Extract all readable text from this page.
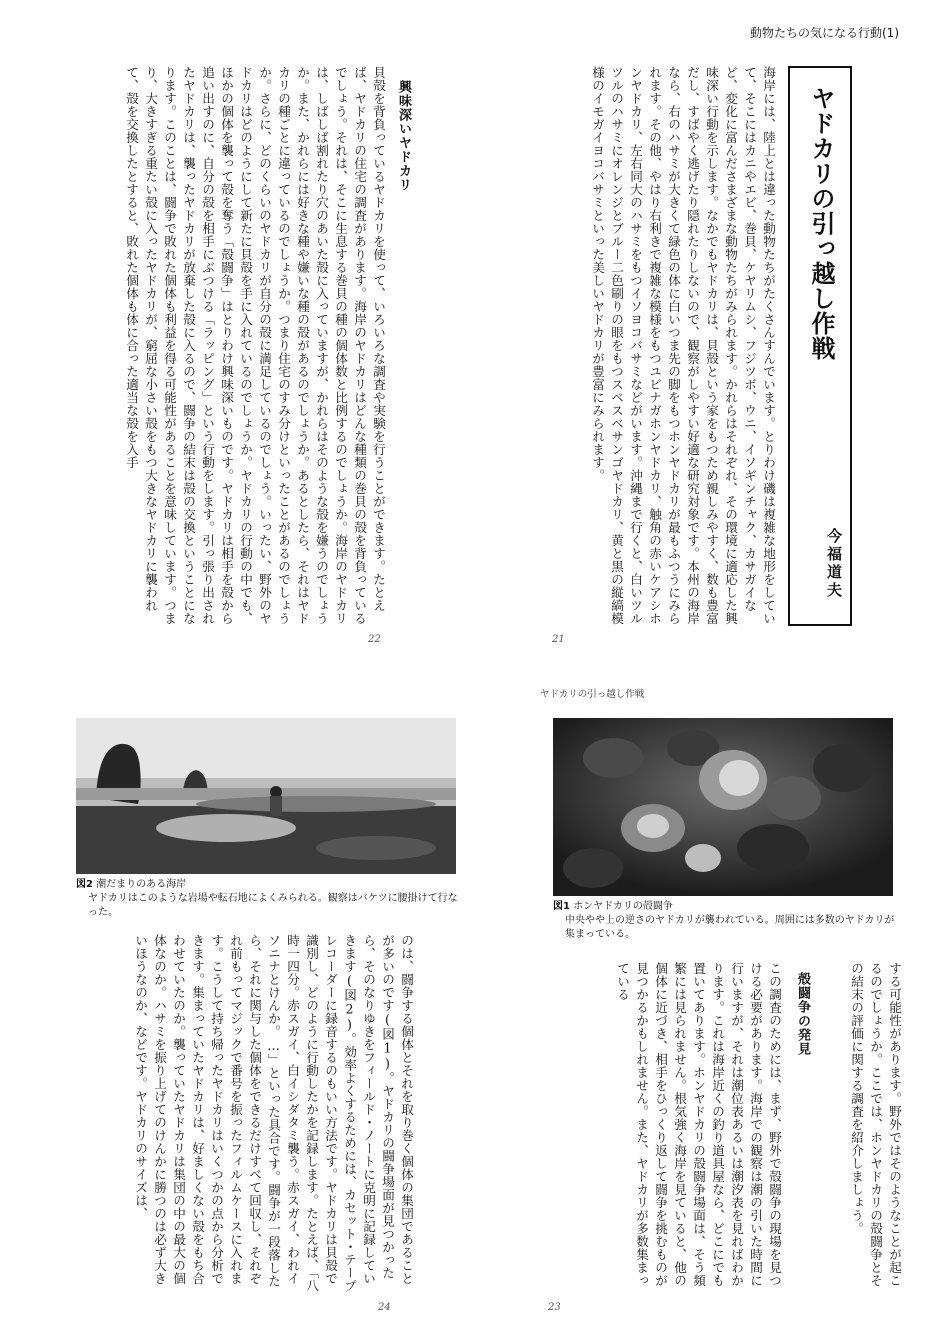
動物たちの気になる行動(1)
ヤドカリの引っ越し作戦
今福道夫
海岸には、陸上とは違った動物たちがたくさんすんでいます。とりわけ磯は複雑な地形をしていて、そこにはカニやエビ、巻貝、ケヤリムシ、フジツボ、ウニ、イソギンチャク、カサガイなど、変化に富んださまざまな動物たちがみられます。かれらはそれぞれ、その環境に適応した興味深い行動を示します。なかでもヤドカリは、貝殻という家をもつため親しみやすく、数も豊富だし、すばやく逃げたり隠れたりしないので、観察がしやすい好適な研究対象です。本州の海岸なら、右のハサミが大きくて緑色の体に白いつま先の脚をもつホンヤドカリが最もふつうにみられます。その他、やはり右利きで複雑な模様をもつユビナガホンヤドカリ、触角の赤いケアシホンヤドカリ、左右同大のハサミをもつイソヨコバサミなどがいます。沖縄まで行くと、白いツルツルのハサミにオレンジとブルー二色刷りの眼をもつスベスベサンゴヤドカリ、黄と黒の縦縞模様のイモガイヨコバサミといった美しいヤドカリが豊富にみられます。
21
興味深いヤドカリ
貝殻を背負っているヤドカリを使って、いろいろな調査や実験を行うことができます。たとえば、ヤドカリの住宅の調査があります。海岸のヤドカリはどんな種類の巻貝の殻を背負っているでしょう。それは、そこに生息する巻貝の種の個体数と比例するのでしょうか。海岸のヤドカリは、しばしば割れたり穴のあいた殻に入っていますが、かれらはそのような殻を嫌うのでしょうか。また、かれらには好きな種や嫌いな種の殻があるのでしょうか。あるとしたら、それはヤドカリの種ごとに違っているのでしょうか。つまり住宅のすみ分けといったことがあるのでしょうか。さらに、どのくらいのヤドカリが自分の殻に満足しているのでしょう。いったい、野外のヤドカリはどのようにして新たに貝殻を手に入れているのでしょうか。ヤドカリの行動の中でも、ほかの個体を襲って殻を奪う「殻闘争」はとりわけ興味深いものです。ヤドカリは相手を殻から追い出すのに、自分の殻を相手にぶつける「ラッピング」という行動をします。引っ張り出されたヤドカリは、襲ったヤドカリが放棄した殻に入るので、闘争の結末は殻の交換ということになります。このことは、闘争で敗れた個体も利益を得る可能性があることを意味しています。つまり、大きすぎる重たい殻に入ったヤドカリが、窮屈な小さい殻をもつ大きなヤドカリに襲われて、殻を交換したとすると、敗れた個体も体に合った適当な殻を入手
22
ヤドカリの引っ越し作戦
図1 ホンヤドカリの殻闘争
中央やや上の逆さのヤドカリが襲われている。周囲には多数のヤドカリが集まっている。
する可能性があります。野外ではそのようなことが起こるのでしょうか。ここでは、ホンヤドカリの殻闘争とその結末の評価に関する調査を紹介しましょう。
殻闘争の発見
この調査のためには、まず、野外で殻闘争の現場を見つける必要があります。海岸での観察は潮の引いた時間に行いますが、それは潮位表あるいは潮汐表を見ればわかります。これは海岸近くの釣り道具屋なら、どこにでも置いてあります。ホンヤドカリの殻闘争場面は、そう頻繁には見られません。根気強く海岸を見ていると、他の個体に近づき、相手をひっくり返して闘争を挑むものが見つかるかもしれません。また、ヤドカリが多数集まっている
23
図2 潮だまりのある海岸
ヤドカリはこのような岩場や転石地によくみられる。観察はバケツに腰掛けて行なった。
のは、闘争する個体とそれを取り巻く個体の集団であることが多いのです(図1)。ヤドカリの闘争場面が見つかったら、そのなりゆきをフィールド・ノートに克明に記録していきます(図2)。効率よくするためには、カセット・テープレコーダーに録音するのもいい方法です。ヤドカリは貝殻で識別し、どのように行動したかを記録します。たとえば、「八時一四分。赤スガイ、白イシダタミ襲う。赤スガイ、われイソニナとけんか。…」といった具合です。闘争が一段落したら、それに関与した個体をできるだけすべて回収し、それぞれ前もってマジックで番号を振ったフィルムケースに入れます。こうして持ち帰ったヤドカリはいくつかの点から分析できます。集まっていたヤドカリは、好ましくない殻をもち合わせていたのか。襲っていたヤドカリは集団の中の最大の個体なのか。ハサミを振り上げてのけんかに勝つのは必ず大きいほうなのか、などです。ヤドカリのサイズは、
24
